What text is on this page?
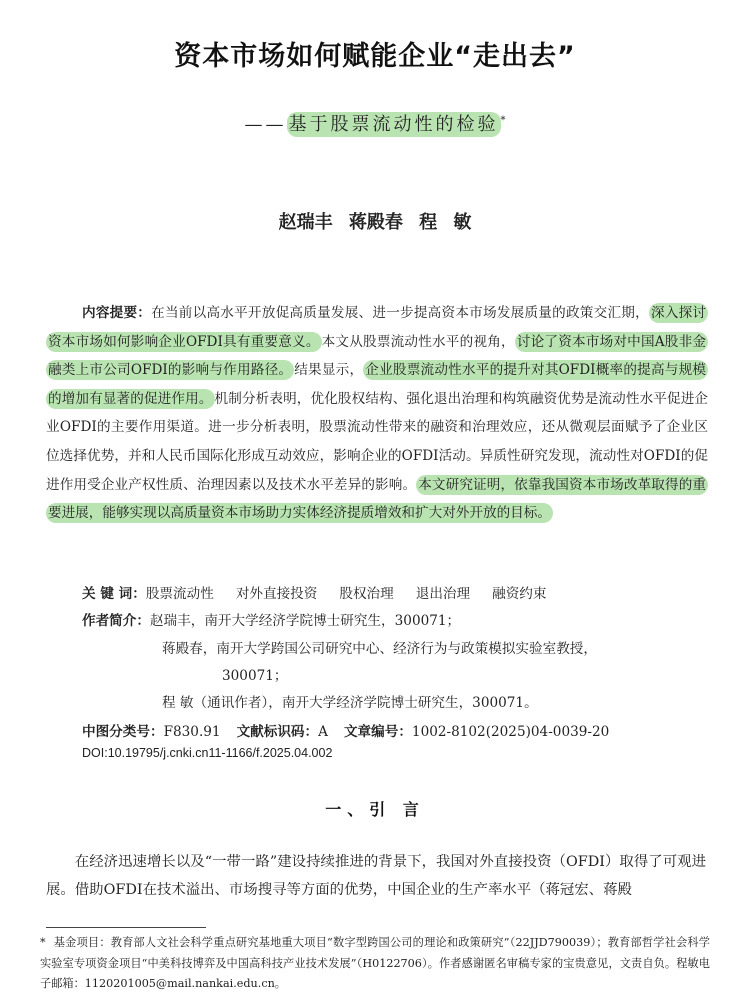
资本市场如何赋能企业“走出去”
—— 基于股票流动性的检验 *
赵瑞丰 蒋殿春 程 敏
内容提要：在当前以高水平开放促高质量发展、进一步提高资本市场发展质量的政策交汇期， 深入探讨资本市场如何影响企业OFDI具有重要意义。 本文从股票流动性水平的视角， 讨论了资本市场对中国A股非金融类上市公司OFDI的影响与作用路径。 结果显示， 企业股票流动性水平的提升对其OFDI概率的提高与规模的增加有显著的促进作用。 机制分析表明，优化股权结构、强化退出治理和构筑融资优势是流动性水平促进企业OFDI的主要作用渠道。进一步分析表明，股票流动性带来的融资和治理效应，还从微观层面赋予了企业区位选择优势，并和人民币国际化形成互动效应，影响企业的OFDI活动。异质性研究发现，流动性对OFDI的促进作用受企业产权性质、治理因素以及技术水平差异的影响。 本文研究证明，依靠我国资本市场改革取得的重要进展，能够实现以高质量资本市场助力实体经济提质增效和扩大对外开放的目标。
关 键 词：股票流动性 对外直接投资 股权治理 退出治理 融资约束
作者简介：赵瑞丰，南开大学经济学院博士研究生，300071；
蒋殿春，南开大学跨国公司研究中心、经济行为与政策模拟实验室教授，
300071；
程 敏（通讯作者），南开大学经济学院博士研究生，300071。
中图分类号：F830.91 文献标识码：A 文章编号：1002-8102(2025)04-0039-20
DOI:10.19795/j.cnki.cn11-1166/f.2025.04.002
一、引 言
在经济迅速增长以及“一带一路”建设持续推进的背景下，我国对外直接投资（OFDI）取得了可观进展。借助OFDI在技术溢出、市场搜寻等方面的优势，中国企业的生产率水平（蒋冠宏、蒋殿
* 基金项目：教育部人文社会科学重点研究基地重大项目“数字型跨国公司的理论和政策研究”（22JJD790039）；教育部哲学社会科学实验室专项资金项目“中美科技博弈及中国高科技产业技术发展”（H0122706）。作者感谢匿名审稿专家的宝贵意见，文责自负。程敏电子邮箱：1120201005@mail.nankai.edu.cn。
